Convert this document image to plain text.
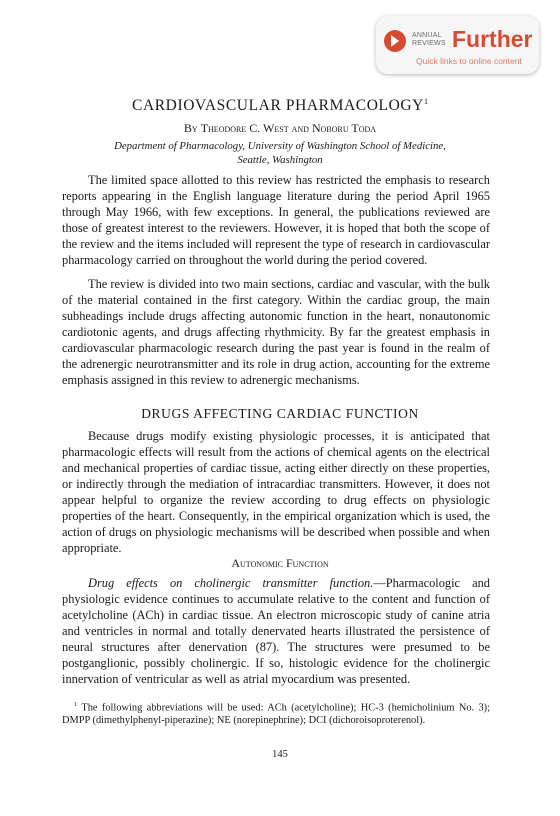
ANNUAL
REVIEWS Further
Quick links to online content
CARDIOVASCULAR PHARMACOLOGY$^1$
By Theodore C. West and Noboru Toda
Department of Pharmacology, University of Washington School of Medicine,
Seattle, Washington

The limited space allotted to this review has restricted the emphasis to research reports appearing in the English language literature during the period April 1965 through May 1966, with few exceptions. In general, the publications reviewed are those of greatest interest to the reviewers. However, it is hoped that both the scope of the review and the items included will represent the type of research in cardiovascular pharmacology carried on throughout the world during the period covered.

The review is divided into two main sections, cardiac and vascular, with the bulk of the material contained in the first category. Within the cardiac group, the main subheadings include drugs affecting autonomic function in the heart, nonautonomic cardiotonic agents, and drugs affecting rhythmicity. By far the greatest emphasis in cardiovascular pharmacologic research during the past year is found in the realm of the adrenergic neurotransmitter and its role in drug action, accounting for the extreme emphasis assigned in this review to adrenergic mechanisms.

DRUGS AFFECTING CARDIAC FUNCTION

Because drugs modify existing physiologic processes, it is anticipated that pharmacologic effects will result from the actions of chemical agents on the electrical and mechanical properties of cardiac tissue, acting either directly on these properties, or indirectly through the mediation of intracardiac transmitters. However, it does not appear helpful to organize the review according to drug effects on physiologic properties of the heart. Consequently, in the empirical organization which is used, the action of drugs on physiologic mechanisms will be described when possible and when appropriate.

Autonomic Function

Drug effects on cholinergic transmitter function.—Pharmacologic and physiologic evidence continues to accumulate relative to the content and function of acetylcholine (ACh) in cardiac tissue. An electron microscopic study of canine atria and ventricles in normal and totally denervated hearts illustrated the persistence of neural structures after denervation (87). The structures were presumed to be postganglionic, possibly cholinergic. If so, histologic evidence for the cholinergic innervation of ventricular as well as atrial myocardium was presented.

$^1$ The following abbreviations will be used: ACh (acetylcholine); HC-3 (hemicholinium No. 3); DMPP (dimethylphenyl-piperazine); NE (norepinephrine); DCI (dichoroisoproterenol).

145
